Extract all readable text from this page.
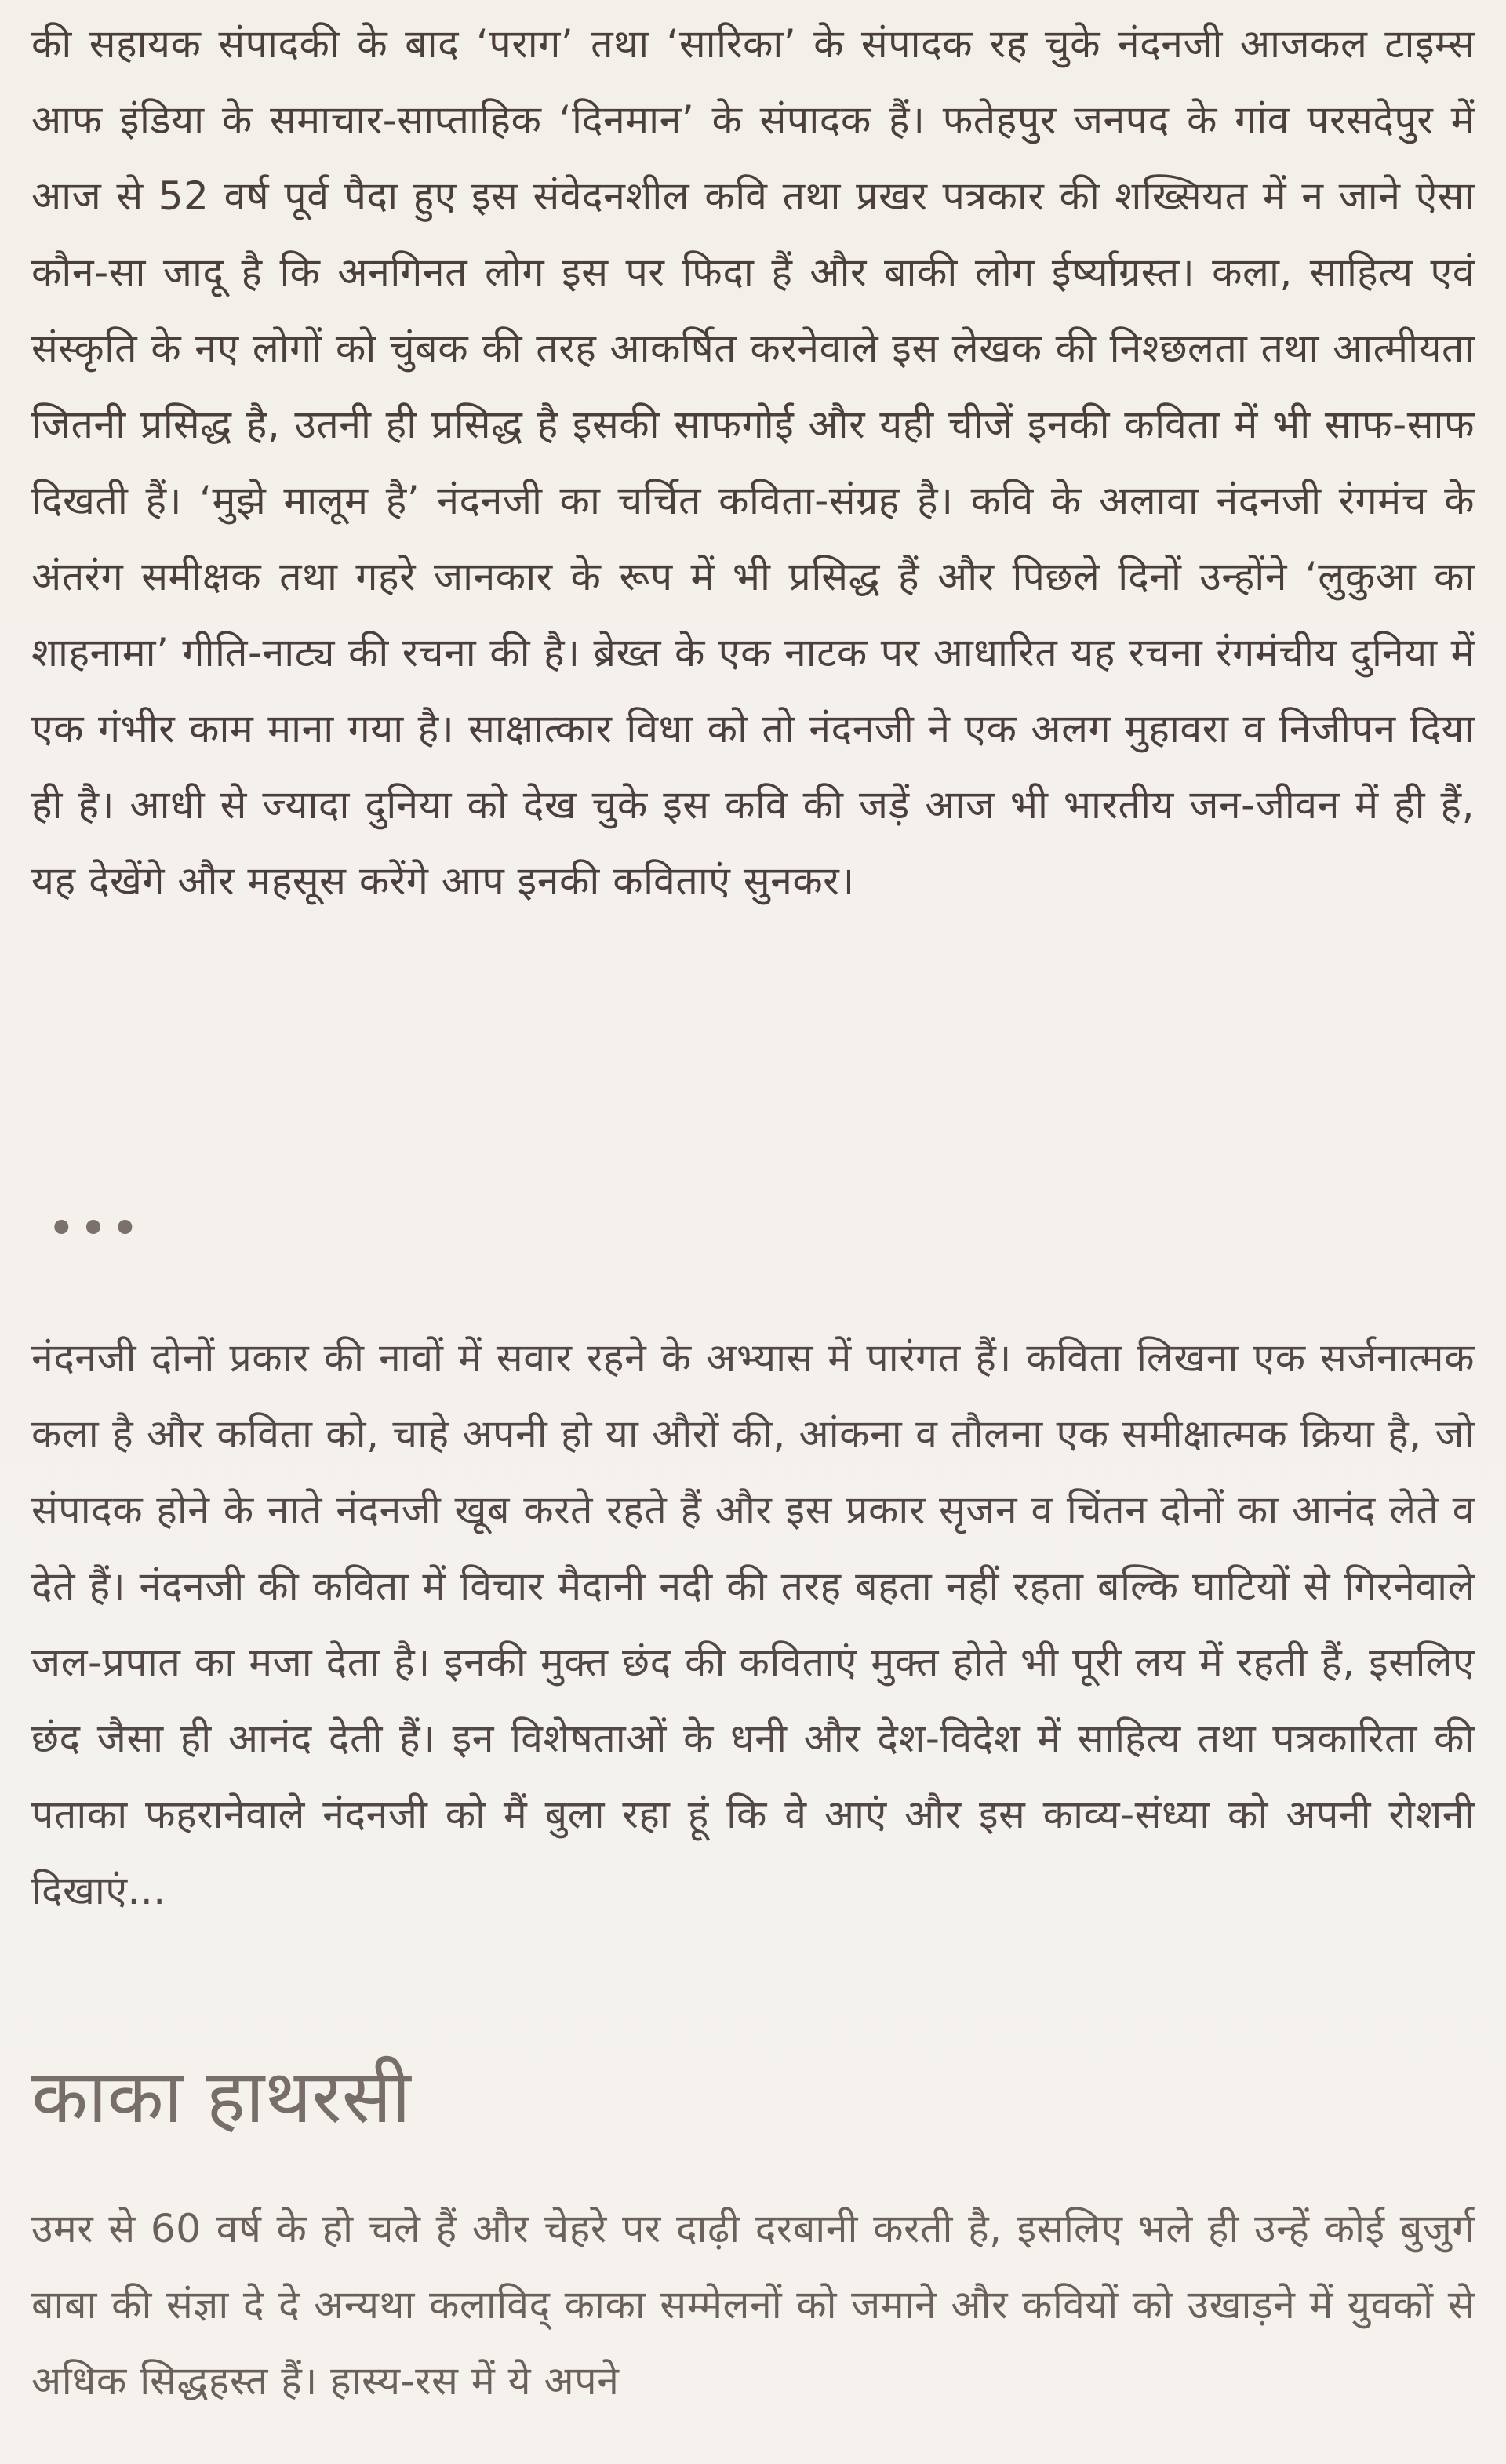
की सहायक संपादकी के बाद ‘पराग’ तथा ‘सारिका’ के संपादक रह चुके नंदनजी आजकल टाइम्स आफ इंडिया के समाचार-साप्ताहिक ‘दिनमान’ के संपादक हैं। फतेहपुर जनपद के गांव परसदेपुर में आज से 52 वर्ष पूर्व पैदा हुए इस संवेदनशील कवि तथा प्रखर पत्रकार की शख्सियत में न जाने ऐसा कौन-सा जादू है कि अनगिनत लोग इस पर फिदा हैं और बाकी लोग ईर्ष्याग्रस्त। कला, साहित्य एवं संस्कृति के नए लोगों को चुंबक की तरह आकर्षित करनेवाले इस लेखक की निश्छलता तथा आत्मीयता जितनी प्रसिद्ध है, उतनी ही प्रसिद्ध है इसकी साफगोई और यही चीजें इनकी कविता में भी साफ-साफ दिखती हैं। ‘मुझे मालूम है’ नंदनजी का चर्चित कविता-संग्रह है। कवि के अलावा नंदनजी रंगमंच के अंतरंग समीक्षक तथा गहरे जानकार के रूप में भी प्रसिद्ध हैं और पिछले दिनों उन्होंने ‘लुकुआ का शाहनामा’ गीति-नाट्य की रचना की है। ब्रेख्त के एक नाटक पर आधारित यह रचना रंगमंचीय दुनिया में एक गंभीर काम माना गया है। साक्षात्कार विधा को तो नंदनजी ने एक अलग मुहावरा व निजीपन दिया ही है। आधी से ज्यादा दुनिया को देख चुके इस कवि की जड़ें आज भी भारतीय जन-जीवन में ही हैं, यह देखेंगे और महसूस करेंगे आप इनकी कविताएं सुनकर।

•••

नंदनजी दोनों प्रकार की नावों में सवार रहने के अभ्यास में पारंगत हैं। कविता लिखना एक सर्जनात्मक कला है और कविता को, चाहे अपनी हो या औरों की, आंकना व तौलना एक समीक्षात्मक क्रिया है, जो संपादक होने के नाते नंदनजी खूब करते रहते हैं और इस प्रकार सृजन व चिंतन दोनों का आनंद लेते व देते हैं। नंदनजी की कविता में विचार मैदानी नदी की तरह बहता नहीं रहता बल्कि घाटियों से गिरनेवाले जल-प्रपात का मजा देता है। इनकी मुक्त छंद की कविताएं मुक्त होते भी पूरी लय में रहती हैं, इसलिए छंद जैसा ही आनंद देती हैं। इन विशेषताओं के धनी और देश-विदेश में साहित्य तथा पत्रकारिता की पताका फहरानेवाले नंदनजी को मैं बुला रहा हूं कि वे आएं और इस काव्य-संध्या को अपनी रोशनी दिखाएं...

काका हाथरसी

उमर से 60 वर्ष के हो चले हैं और चेहरे पर दाढ़ी दरबानी करती है, इसलिए भले ही उन्हें कोई बुजुर्ग बाबा की संज्ञा दे दे अन्यथा कलाविद् काका सम्मेलनों को जमाने और कवियों को उखाड़ने में युवकों से अधिक सिद्धहस्त हैं। हास्य-रस में ये अपने
